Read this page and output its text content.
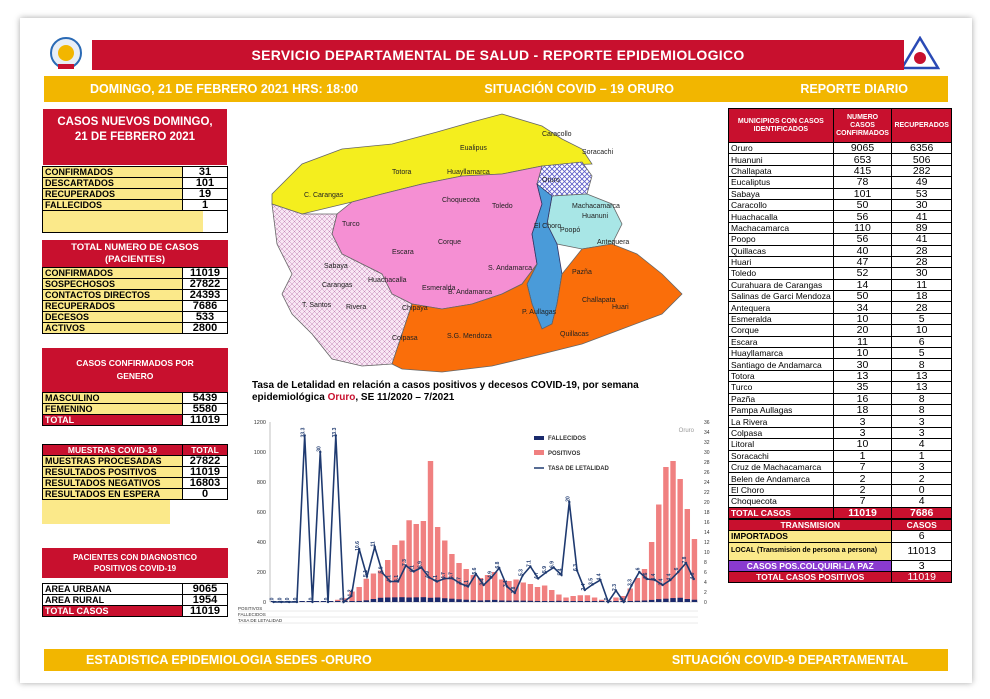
SERVICIO DEPARTAMENTAL DE SALUD - REPORTE EPIDEMIOLOGICO
DOMINGO, 21 DE FEBRERO 2021 HRS: 18:00	SITUACIÓN COVID – 19 ORURO	REPORTE DIARIO
CASOS NUEVOS DOMINGO, 21 DE FEBRERO 2021
CONFIRMADOS	31
DESCARTADOS	101
RECUPERADOS	19
FALLECIDOS	1
TOTAL NUMERO DE CASOS (PACIENTES)
CONFIRMADOS	11019
SOSPECHOSOS	27822
CONTACTOS DIRECTOS	24393
RECUPERADOS	7686
DECESOS	533
ACTIVOS	2800
CASOS CONFIRMADOS POR GENERO
MASCULINO	5439
FEMENINO	5580
TOTAL	11019
MUESTRAS COVID-19	TOTAL
MUESTRAS PROCESADAS	27822
RESULTADOS POSITIVOS	11019
RESULTADOS NEGATIVOS	16803
RESULTADOS EN ESPERA	0
PACIENTES CON DIAGNOSTICO POSITIVOS COVID-19
AREA URBANA	9065
AREA RURAL	1954
TOTAL CASOS	11019
Eualipus
Caracollo
Soracachi
Totora	Huayllamarca
Oruro
C. Carangas
Choquecota
Toledo	Machacamarca
Huanuni
Turco	El Choro
Poopó
Corque	Antequera
Sabaya
Escara
S. Andamarca
Pazña
Challapata
Carangas
Huachacalla
Esmeralda
B. Andamarca
T. Santos Rivera	Chipaya
P. Aullagas
Huari
Colpasa	S.G. Mendoza	Quillacas
Tasa de Letalidad en relación a casos positivos y decesos COVID-19, por semana epidemiológica Oruro, SE 11/2020 – 7/2021
0
200
400
600
800
1000
1200
0
2
4
6
8
10
12
14
16
18
20
22
24
26
28
30
32
34
36
Oruro
0 0 0 0
33.3
0
30
0
33.3
0
1.2
10.6
5.1
11
5.8
4.1 4.1
7.3
6.1
6.9
4.9
4.1 4.7 4.7
3.7 3.1
5.6
3.4
4.9
6.8
3.1
1.8
5.3
7.1
4.7
5.9
6.9
5.4
20
6.3
2.4
3.5
4.4
0
2.3
0
3.3
6
4.6 4.4
3.4
4.4
6
7.8
4.6
FALLECIDOS
POSITIVOS
TASA DE LETALIDAD
POSITIVOS
FALLECIDOS
TASA DE LETALIDAD
MUNICIPIOS CON CASOS IDENTIFICADOS	NUMERO CASOS CONFIRMADOS	RECUPERADOS
Oruro	9065	6356
Huanuni	653	506
Challapata	415	282
Eucaliptus	78	49
Sabaya	101	53
Caracollo	50	30
Huachacalla	56	41
Machacamarca	110	89
Poopo	56	41
Quillacas	40	28
Huari	47	28
Toledo	52	30
Curahuara de Carangas	14	11
Salinas de Garci Mendoza	50	18
Antequera	34	28
Esmeralda	10	5
Corque	20	10
Escara	11	6
Huayllamarca	10	5
Santiago de Andamarca	30	8
Totora	13	13
Turco	35	13
Pazña	16	8
Pampa Aullagas	18	8
La Rivera	3	3
Colpasa	3	3
Litoral	10	4
Soracachi	1	1
Cruz de Machacamarca	7	3
Belen de Andamarca	2	2
El Choro	2	0
Choquecota	7	4
TOTAL CASOS	11019	7686
TRANSMISION	CASOS
IMPORTADOS	6
LOCAL (Transmision de persona a persona)	11013
CASOS POS.COLQUIRI-LA PAZ	3
TOTAL CASOS POSITIVOS	11019
ESTADISTICA EPIDEMIOLOGIA SEDES -ORURO	SITUACIÓN COVID-9 DEPARTAMENTAL
